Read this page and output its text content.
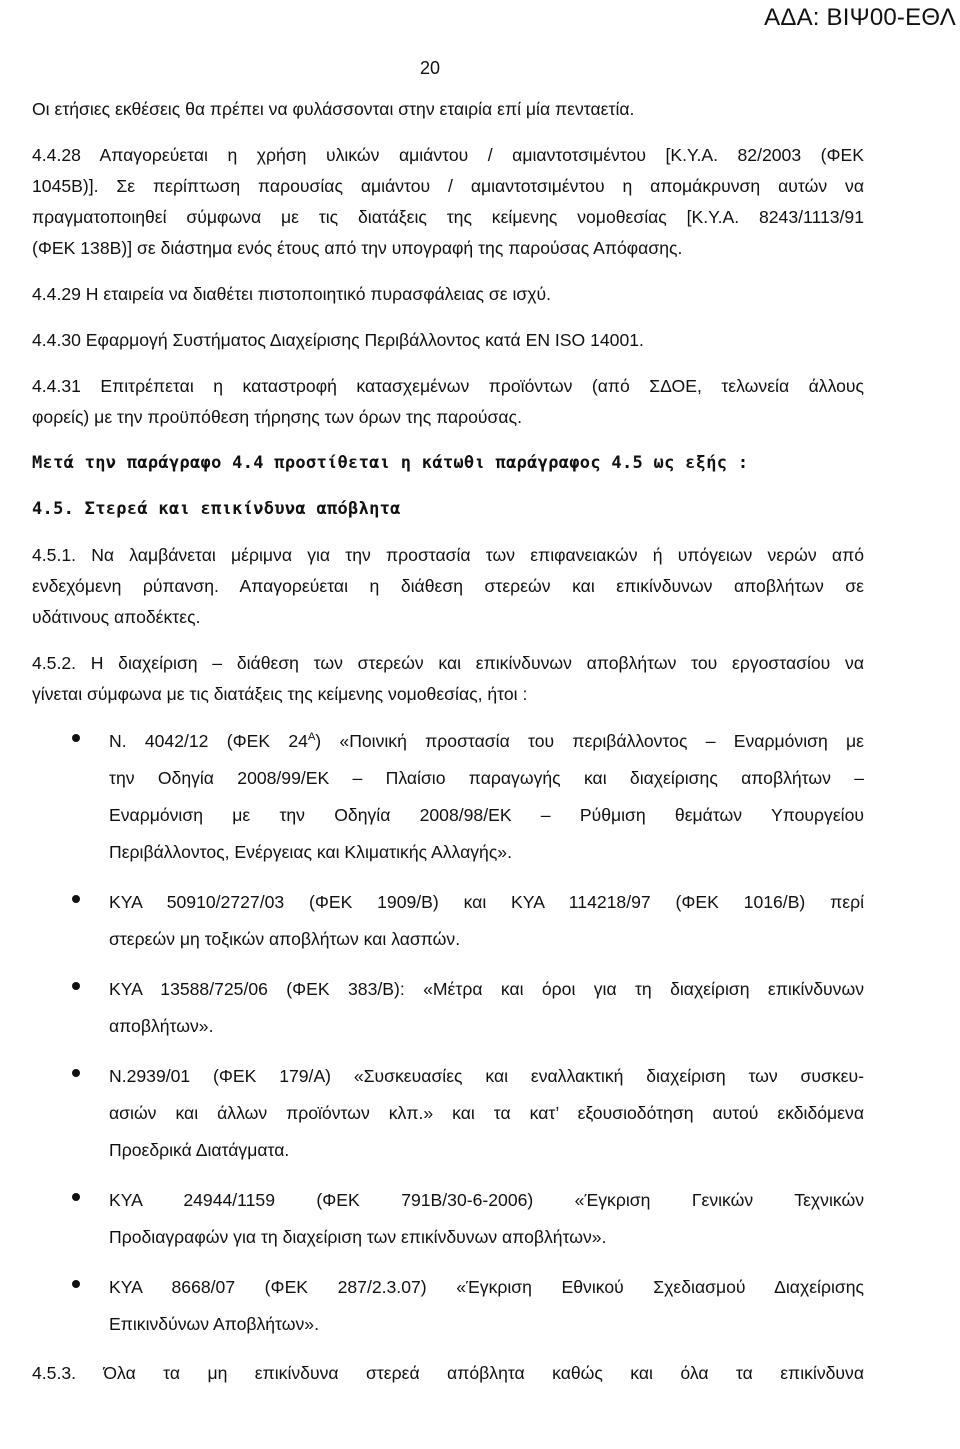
ΑΔΑ: ΒΙΨ00-ΕΘΛ
20
Οι ετήσιες εκθέσεις θα πρέπει να φυλάσσονται στην εταιρία επί μία πενταετία.
4.4.28 Απαγορεύεται η χρήση υλικών αμιάντου / αμιαντοτσιμέντου [Κ.Υ.Α. 82/2003 (ΦΕΚ
1045Β)]. Σε περίπτωση παρουσίας αμιάντου / αμιαντοτσιμέντου η απομάκρυνση αυτών να
πραγματοποιηθεί σύμφωνα με τις διατάξεις της κείμενης νομοθεσίας [Κ.Υ.Α. 8243/1113/91
(ΦΕΚ 138Β)] σε διάστημα ενός έτους από την υπογραφή της παρούσας Απόφασης.
4.4.29 Η εταιρεία να διαθέτει πιστοποιητικό πυρασφάλειας σε ισχύ.
4.4.30 Εφαρμογή Συστήματος Διαχείρισης Περιβάλλοντος κατά ΕΝ ISO 14001.
4.4.31 Επιτρέπεται η καταστροφή κατασχεμένων προϊόντων (από ΣΔΟΕ, τελωνεία άλλους
φορείς) με την προϋπόθεση τήρησης των όρων της παρούσας.
Μετά την παράγραφο 4.4 προστίθεται η κάτωθι παράγραφος 4.5 ως εξής :
4.5. Στερεά και επικίνδυνα απόβλητα
4.5.1. Να λαμβάνεται μέριμνα για την προστασία των επιφανειακών ή υπόγειων νερών από
ενδεχόμενη ρύπανση. Απαγορεύεται η διάθεση στερεών και επικίνδυνων αποβλήτων σε
υδάτινους αποδέκτες.
4.5.2. Η διαχείριση – διάθεση των στερεών και επικίνδυνων αποβλήτων του εργοστασίου να
γίνεται σύμφωνα με τις διατάξεις της κείμενης νομοθεσίας, ήτοι :
Ν. 4042/12 (ΦΕΚ $24^A$) «Ποινική προστασία του περιβάλλοντος – Εναρμόνιση με
την Οδηγία 2008/99/ΕΚ – Πλαίσιο παραγωγής και διαχείρισης αποβλήτων –
Εναρμόνιση με την Οδηγία 2008/98/ΕΚ – Ρύθμιση θεμάτων Υπουργείου
Περιβάλλοντος, Ενέργειας και Κλιματικής Αλλαγής».
ΚΥΑ 50910/2727/03 (ΦΕΚ 1909/Β) και ΚΥΑ 114218/97 (ΦΕΚ 1016/Β) περί
στερεών μη τοξικών αποβλήτων και λασπών.
ΚΥΑ 13588/725/06 (ΦΕΚ 383/Β): «Μέτρα και όροι για τη διαχείριση επικίνδυνων
αποβλήτων».
Ν.2939/01 (ΦΕΚ 179/Α) «Συσκευασίες και εναλλακτική διαχείριση των συσκευ-
ασιών και άλλων προϊόντων κλπ.» και τα κατ’ εξουσιοδότηση αυτού εκδιδόμενα
Προεδρικά Διατάγματα.
ΚΥΑ 24944/1159 (ΦΕΚ 791Β/30-6-2006) «Έγκριση Γενικών Τεχνικών
Προδιαγραφών για τη διαχείριση των επικίνδυνων αποβλήτων».
ΚΥΑ 8668/07 (ΦΕΚ 287/2.3.07) «Έγκριση Εθνικού Σχεδιασμού Διαχείρισης
Επικινδύνων Αποβλήτων».
4.5.3. Όλα τα μη επικίνδυνα στερεά απόβλητα καθώς και όλα τα επικίνδυνα
